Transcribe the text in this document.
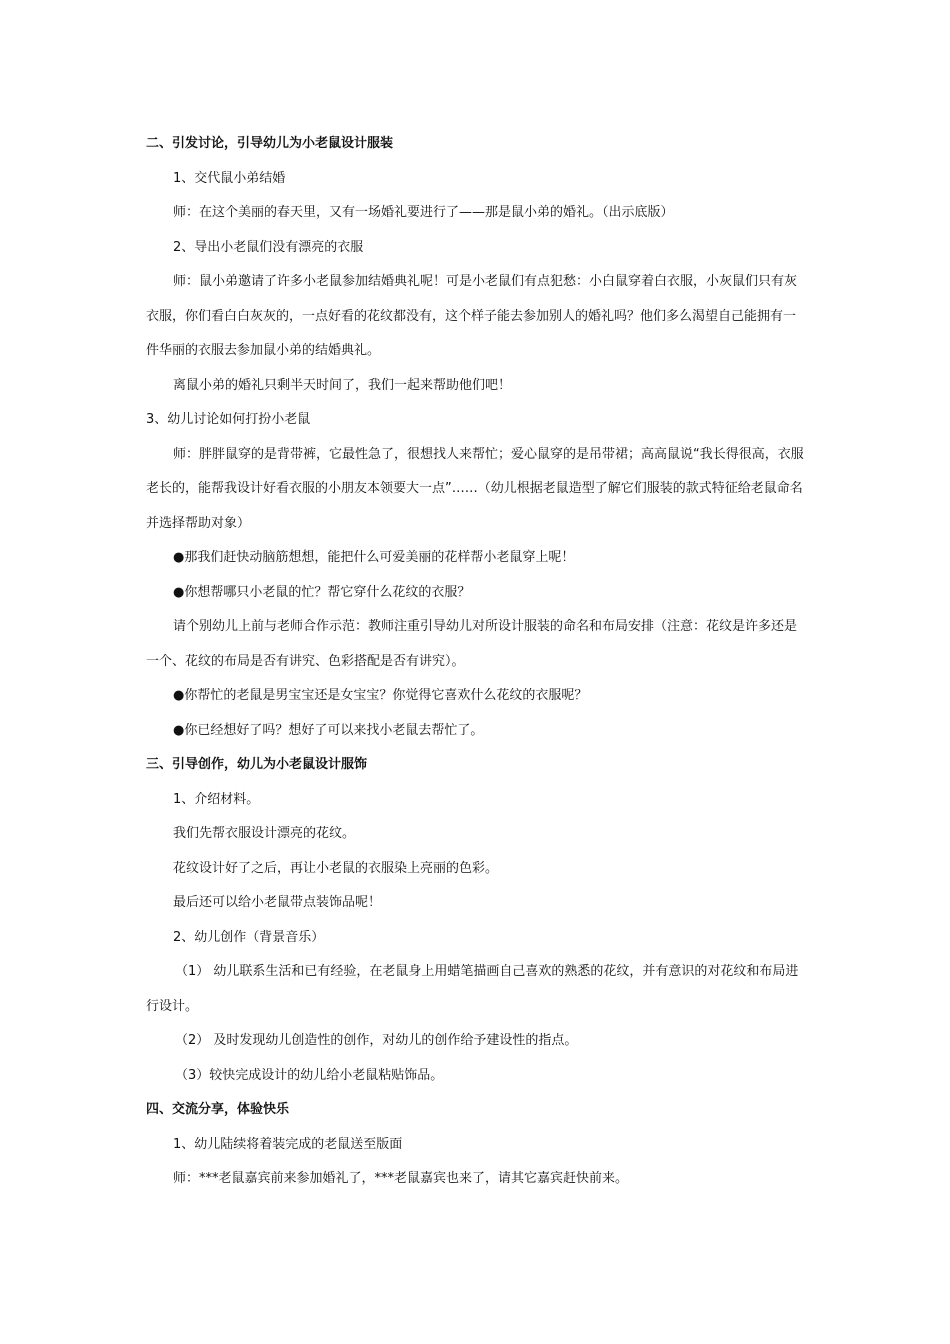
二、引发讨论，引导幼儿为小老鼠设计服装

1、交代鼠小弟结婚

师：在这个美丽的春天里，又有一场婚礼要进行了——那是鼠小弟的婚礼。（出示底版）

2、导出小老鼠们没有漂亮的衣服

师：鼠小弟邀请了许多小老鼠参加结婚典礼呢！可是小老鼠们有点犯愁：小白鼠穿着白衣服，小灰鼠们只有灰衣服，你们看白白灰灰的，一点好看的花纹都没有，这个样子能去参加别人的婚礼吗？他们多么渴望自己能拥有一件华丽的衣服去参加鼠小弟的结婚典礼。

离鼠小弟的婚礼只剩半天时间了，我们一起来帮助他们吧！

3、幼儿讨论如何打扮小老鼠

师：胖胖鼠穿的是背带裤，它最性急了，很想找人来帮忙；爱心鼠穿的是吊带裙；高高鼠说“我长得很高，衣服老长的，能帮我设计好看衣服的小朋友本领要大一点”……（幼儿根据老鼠造型了解它们服装的款式特征给老鼠命名并选择帮助对象）

●那我们赶快动脑筋想想，能把什么可爱美丽的花样帮小老鼠穿上呢！

●你想帮哪只小老鼠的忙？帮它穿什么花纹的衣服？

请个别幼儿上前与老师合作示范：教师注重引导幼儿对所设计服装的命名和布局安排（注意：花纹是许多还是一个、花纹的布局是否有讲究、色彩搭配是否有讲究）。

●你帮忙的老鼠是男宝宝还是女宝宝？你觉得它喜欢什么花纹的衣服呢？

●你已经想好了吗？想好了可以来找小老鼠去帮忙了。

三、引导创作，幼儿为小老鼠设计服饰

1、介绍材料。

我们先帮衣服设计漂亮的花纹。

花纹设计好了之后，再让小老鼠的衣服染上亮丽的色彩。

最后还可以给小老鼠带点装饰品呢！

2、幼儿创作（背景音乐）

（1） 幼儿联系生活和已有经验，在老鼠身上用蜡笔描画自己喜欢的熟悉的花纹，并有意识的对花纹和布局进行设计。

（2） 及时发现幼儿创造性的创作，对幼儿的创作给予建设性的指点。

（3）较快完成设计的幼儿给小老鼠粘贴饰品。

四、交流分享，体验快乐

1、幼儿陆续将着装完成的老鼠送至版面

师：***老鼠嘉宾前来参加婚礼了，***老鼠嘉宾也来了，请其它嘉宾赶快前来。
